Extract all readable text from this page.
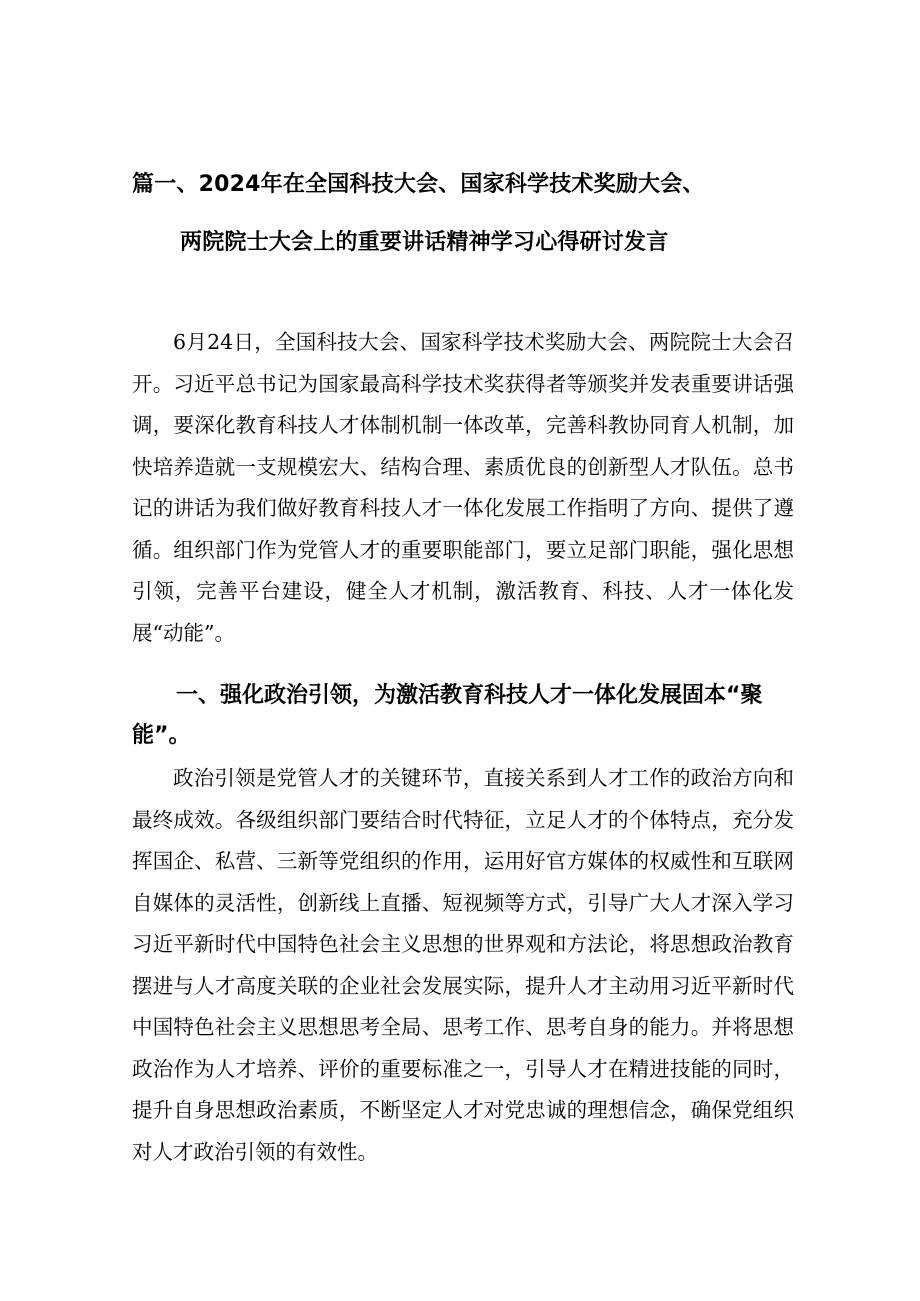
篇一、2024年在全国科技大会、国家科学技术奖励大会、
两院院士大会上的重要讲话精神学习心得研讨发言

6月24日，全国科技大会、国家科学技术奖励大会、两院院士大会召开。习近平总书记为国家最高科学技术奖获得者等颁奖并发表重要讲话强调，要深化教育科技人才体制机制一体改革，完善科教协同育人机制，加快培养造就一支规模宏大、结构合理、素质优良的创新型人才队伍。总书记的讲话为我们做好教育科技人才一体化发展工作指明了方向、提供了遵循。组织部门作为党管人才的重要职能部门，要立足部门职能，强化思想引领，完善平台建设，健全人才机制，激活教育、科技、人才一体化发展“动能”。

一、强化政治引领，为激活教育科技人才一体化发展固本“聚能”。

政治引领是党管人才的关键环节，直接关系到人才工作的政治方向和最终成效。各级组织部门要结合时代特征，立足人才的个体特点，充分发挥国企、私营、三新等党组织的作用，运用好官方媒体的权威性和互联网自媒体的灵活性，创新线上直播、短视频等方式，引导广大人才深入学习习近平新时代中国特色社会主义思想的世界观和方法论，将思想政治教育摆进与人才高度关联的企业社会发展实际，提升人才主动用习近平新时代中国特色社会主义思想思考全局、思考工作、思考自身的能力。并将思想政治作为人才培养、评价的重要标准之一，引导人才在精进技能的同时，提升自身思想政治素质，不断坚定人才对党忠诚的理想信念，确保党组织对人才政治引领的有效性。
